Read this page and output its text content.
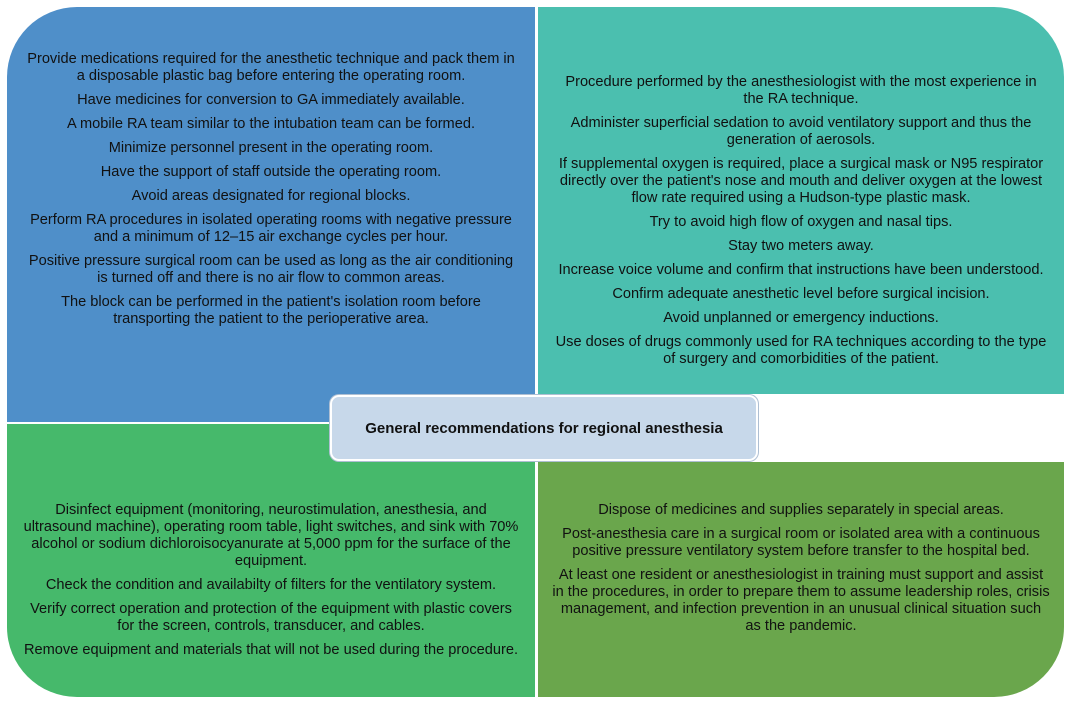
Provide medications required for the anesthetic technique and pack them in a disposable plastic bag before entering the operating room.

Have medicines for conversion to GA immediately available.

A mobile RA team similar to the intubation team can be formed.

Minimize personnel present in the operating room.

Have the support of staff outside the operating room.

Avoid areas designated for regional blocks.

Perform RA procedures in isolated operating rooms with negative pressure and a minimum of 12–15 air exchange cycles per hour.

Positive pressure surgical room can be used as long as the air conditioning is turned off and there is no air flow to common areas.

The block can be performed in the patient's isolation room before transporting the patient to the perioperative area.

Procedure performed by the anesthesiologist with the most experience in the RA technique.

Administer superficial sedation to avoid ventilatory support and thus the generation of aerosols.

If supplemental oxygen is required, place a surgical mask or N95 respirator directly over the patient's nose and mouth and deliver oxygen at the lowest flow rate required using a Hudson-type plastic mask.

Try to avoid high flow of oxygen and nasal tips.

Stay two meters away.

Increase voice volume and confirm that instructions have been understood.

Confirm adequate anesthetic level before surgical incision.

Avoid unplanned or emergency inductions.

Use doses of drugs commonly used for RA techniques according to the type of surgery and comorbidities of the patient.

Disinfect equipment (monitoring, neurostimulation, anesthesia, and ultrasound machine), operating room table, light switches, and sink with 70% alcohol or sodium dichloroisocyanurate at 5,000 ppm for the surface of the equipment.

Check the condition and availabilty of filters for the ventilatory system.

Verify correct operation and protection of the equipment with plastic covers for the screen, controls, transducer, and cables.

Remove equipment and materials that will not be used during the procedure.

Dispose of medicines and supplies separately in special areas.

Post-anesthesia care in a surgical room or isolated area with a continuous positive pressure ventilatory system before transfer to the hospital bed.

At least one resident or anesthesiologist in training must support and assist in the procedures, in order to prepare them to assume leadership roles, crisis management, and infection prevention in an unusual clinical situation such as the pandemic.

General recommendations for regional anesthesia
